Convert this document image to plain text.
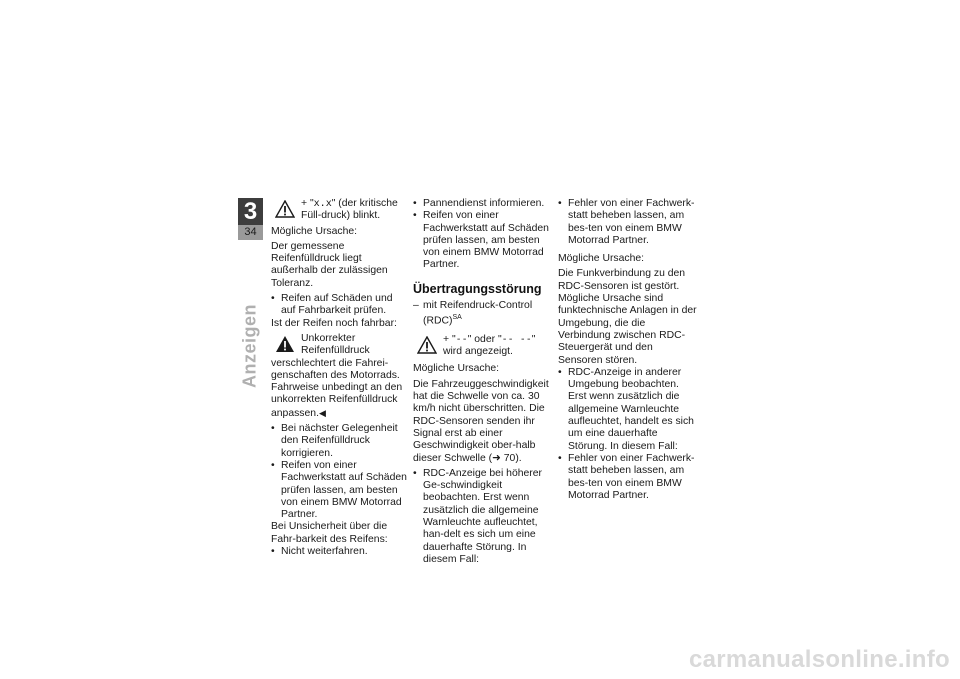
3
34
Anzeigen
+ "x.x" (der kritische Füll-druck) blinkt.
Mögliche Ursache:
Der gemessene Reifenfülldruck liegt außerhalb der zulässigen Toleranz.
• Reifen auf Schäden und auf Fahrbarkeit prüfen.
Ist der Reifen noch fahrbar:
Unkorrekter Reifenfülldruck verschlechtert die Fahrei-genschaften des Motorrads. Fahrweise unbedingt an den unkorrekten Reifenfülldruck anpassen.◀
• Bei nächster Gelegenheit den Reifenfülldruck korrigieren.
• Reifen von einer Fachwerkstatt auf Schäden prüfen lassen, am besten von einem BMW Motorrad Partner.
Bei Unsicherheit über die Fahr-barkeit des Reifens:
• Nicht weiterfahren.
• Pannendienst informieren.
• Reifen von einer Fachwerkstatt auf Schäden prüfen lassen, am besten von einem BMW Motorrad Partner.
Übertragungsstörung
– mit Reifendruck-Control (RDC)$^{SA}$
+ "--" oder "-- --" wird angezeigt.
Mögliche Ursache:
Die Fahrzeuggeschwindigkeit hat die Schwelle von ca. 30 km/h nicht überschritten. Die RDC-Sensoren senden ihr Signal erst ab einer Geschwindigkeit ober-halb dieser Schwelle (➜ 70).
• RDC-Anzeige bei höherer Ge-schwindigkeit beobachten. Erst wenn zusätzlich die allgemeine Warnleuchte aufleuchtet, han-delt es sich um eine dauerhafte Störung. In diesem Fall:
• Fehler von einer Fachwerk-statt beheben lassen, am bes-ten von einem BMW Motorrad Partner.
Mögliche Ursache:
Die Funkverbindung zu den RDC-Sensoren ist gestört. Mögliche Ursache sind funktechnische Anlagen in der Umgebung, die die Verbindung zwischen RDC-Steuergerät und den Sensoren stören.
• RDC-Anzeige in anderer Umgebung beobachten. Erst wenn zusätzlich die allgemeine Warnleuchte aufleuchtet, handelt es sich um eine dauerhafte Störung. In diesem Fall:
• Fehler von einer Fachwerk-statt beheben lassen, am bes-ten von einem BMW Motorrad Partner.
carmanualsonline.info
